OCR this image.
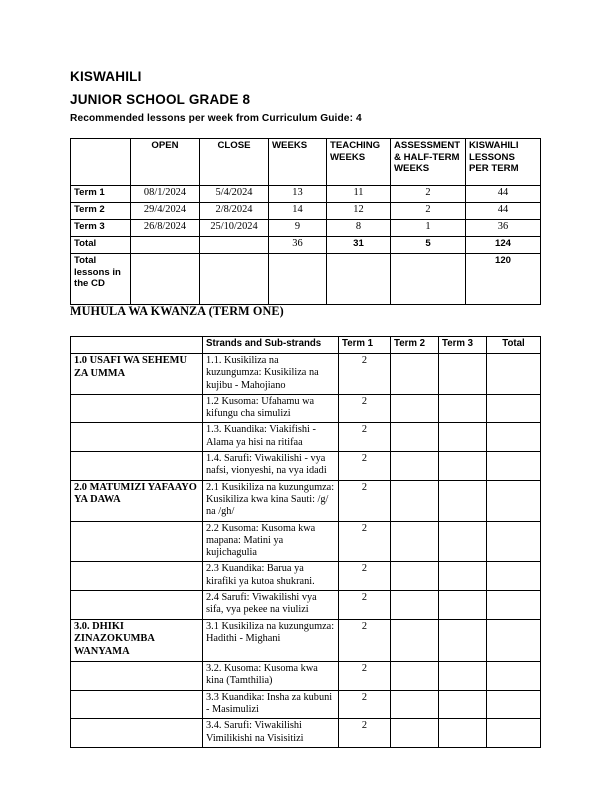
KISWAHILI
JUNIOR SCHOOL GRADE 8
Recommended lessons per week from Curriculum Guide: 4
	OPEN	CLOSE	WEEKS	TEACHING WEEKS	ASSESSMENT & HALF-TERM WEEKS	KISWAHILI LESSONS PER TERM
Term 1	08/1/2024	5/4/2024	13	11	2	44
Term 2	29/4/2024	2/8/2024	14	12	2	44
Term 3	26/8/2024	25/10/2024	9	8	1	36
Total			36	31	5	124
Total lessons in the CD						120
MUHULA WA KWANZA (TERM ONE)
	Strands and Sub-strands	Term 1	Term 2	Term 3	Total
1.0 USAFI WA SEHEMU ZA UMMA	1.1. Kusikiliza na kuzungumza: Kusikiliza na kujibu - Mahojiano	2			
	1.2 Kusoma: Ufahamu wa kifungu cha simulizi	2			
	1.3. Kuandika: Viakifishi - Alama ya hisi na ritifaa	2			
	1.4. Sarufi: Viwakilishi - vya nafsi, vionyeshi, na vya idadi	2			
2.0 MATUMIZI YAFAAYO YA DAWA	2.1 Kusikiliza na kuzungumza: Kusikiliza kwa kina Sauti: /g/ na /gh/	2			
	2.2 Kusoma: Kusoma kwa mapana: Matini ya kujichagulia	2			
	2.3 Kuandika: Barua ya kirafiki ya kutoa shukrani.	2			
	2.4 Sarufi: Viwakilishi vya sifa, vya pekee na viulizi	2			
3.0. DHIKI ZINAZOKUMBA WANYAMA	3.1 Kusikiliza na kuzungumza: Hadithi - Mighani	2			
	3.2. Kusoma: Kusoma kwa kina (Tamthilia)	2			
	3.3 Kuandika: Insha za kubuni - Masimulizi	2			
	3.4. Sarufi: Viwakilishi Vimilikishi na Visisitizi	2			
